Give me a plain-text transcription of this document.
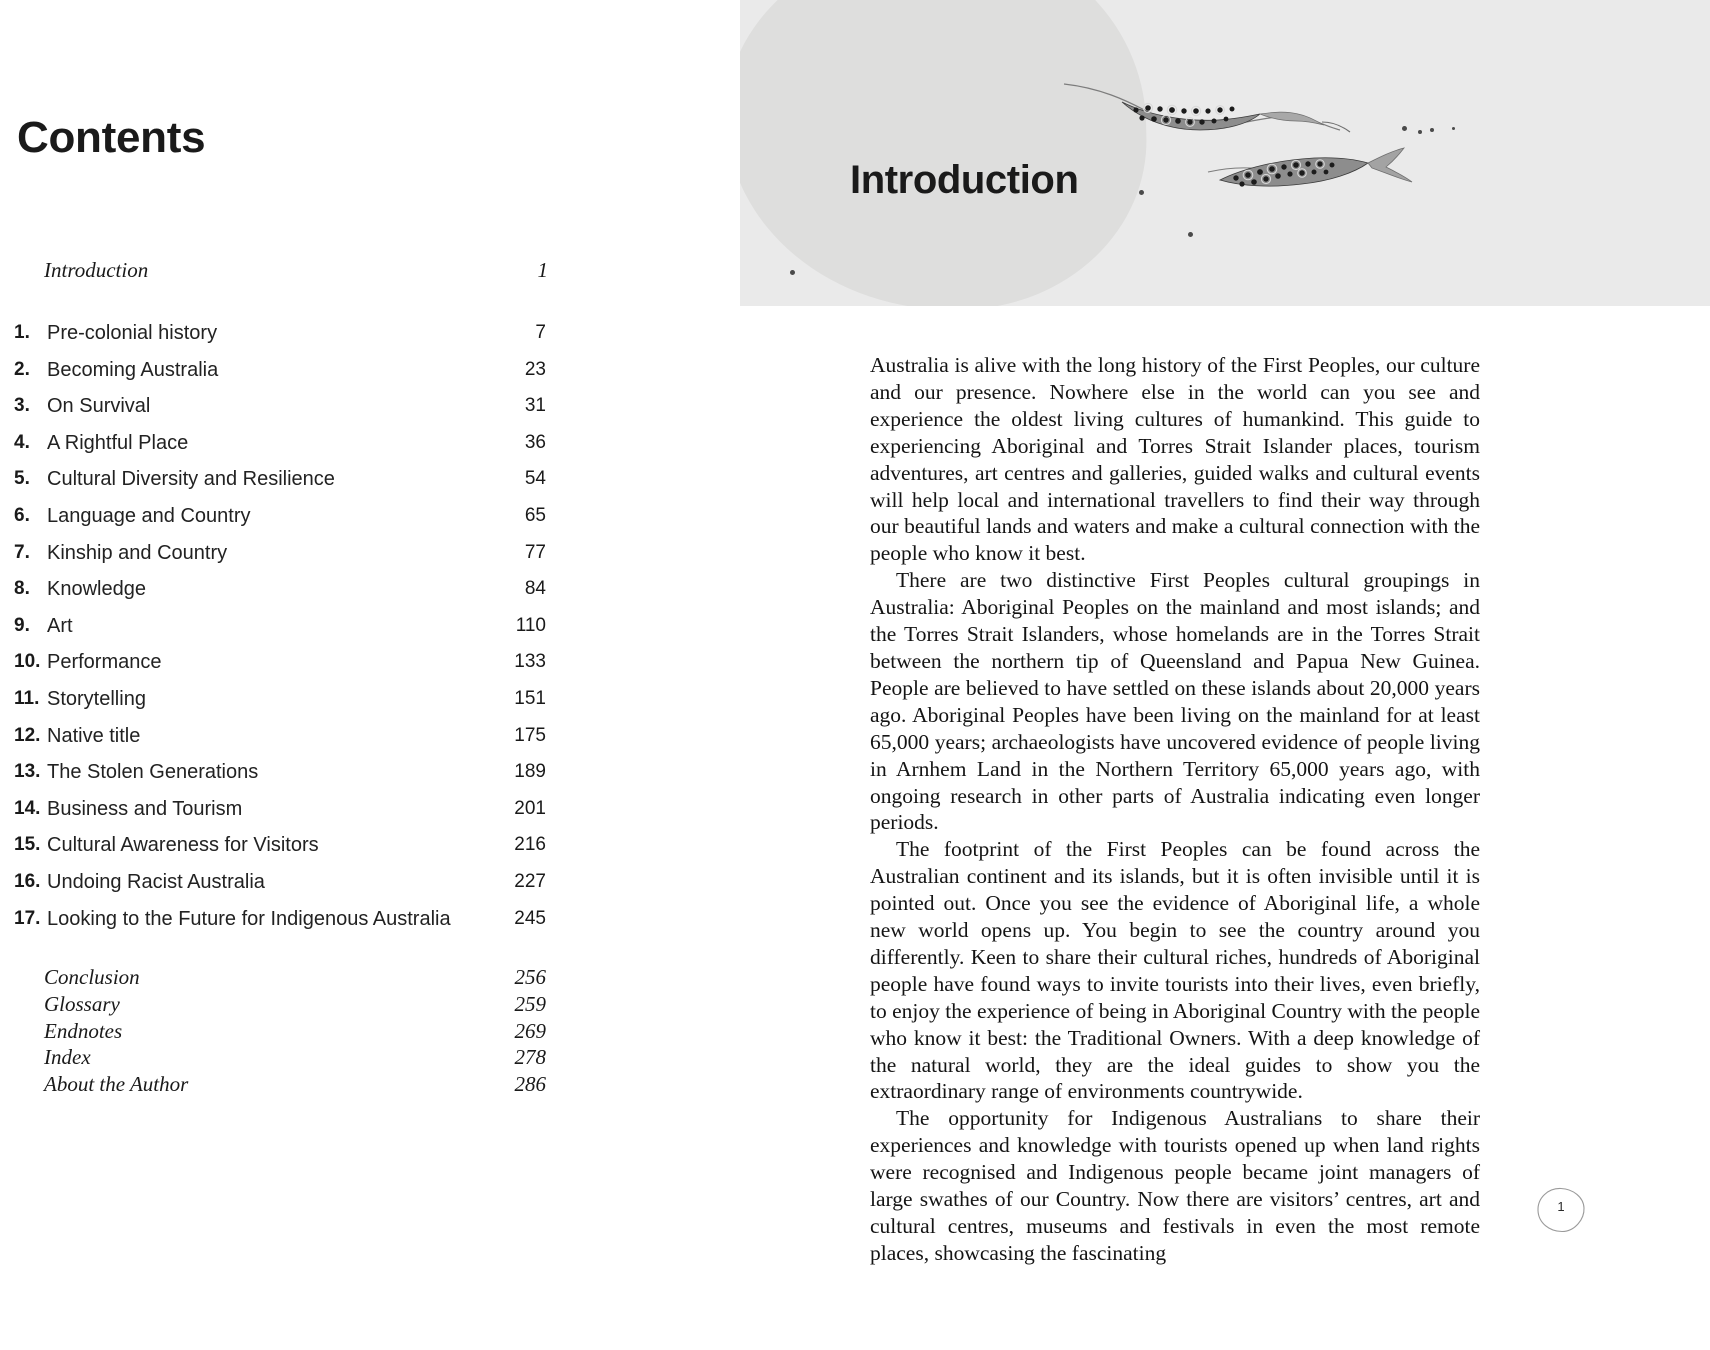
Contents
Introduction	1
1. Pre-colonial history	7
2. Becoming Australia	23
3. On Survival	31
4. A Rightful Place	36
5. Cultural Diversity and Resilience	54
6. Language and Country	65
7. Kinship and Country	77
8. Knowledge	84
9. Art	110
10. Performance	133
11. Storytelling	151
12. Native title	175
13. The Stolen Generations	189
14. Business and Tourism	201
15. Cultural Awareness for Visitors	216
16. Undoing Racist Australia	227
17. Looking to the Future for Indigenous Australia	245
Conclusion	256
Glossary	259
Endnotes	269
Index	278
About the Author	286
Introduction

Australia is alive with the long history of the First Peoples, our culture and our presence. Nowhere else in the world can you see and experience the oldest living cultures of humankind. This guide to experiencing Aboriginal and Torres Strait Islander places, tourism adventures, art centres and galleries, guided walks and cultural events will help local and international travellers to find their way through our beautiful lands and waters and make a cultural connection with the people who know it best.

There are two distinctive First Peoples cultural groupings in Australia: Aboriginal Peoples on the mainland and most islands; and the Torres Strait Islanders, whose homelands are in the Torres Strait between the northern tip of Queensland and Papua New Guinea. People are believed to have settled on these islands about 20,000 years ago. Aboriginal Peoples have been living on the mainland for at least 65,000 years; archaeologists have uncovered evidence of people living in Arnhem Land in the Northern Territory 65,000 years ago, with ongoing research in other parts of Australia indicating even longer periods.

The footprint of the First Peoples can be found across the Australian continent and its islands, but it is often invisible until it is pointed out. Once you see the evidence of Aboriginal life, a whole new world opens up. You begin to see the country around you differently. Keen to share their cultural riches, hundreds of Aboriginal people have found ways to invite tourists into their lives, even briefly, to enjoy the experience of being in Aboriginal Country with the people who know it best: the Traditional Owners. With a deep knowledge of the natural world, they are the ideal guides to show you the extraordinary range of environments countrywide.

The opportunity for Indigenous Australians to share their experiences and knowledge with tourists opened up when land rights were recognised and Indigenous people became joint managers of large swathes of our Country. Now there are visitors’ centres, art and cultural centres, museums and festivals in even the most remote places, showcasing the fascinating

1
